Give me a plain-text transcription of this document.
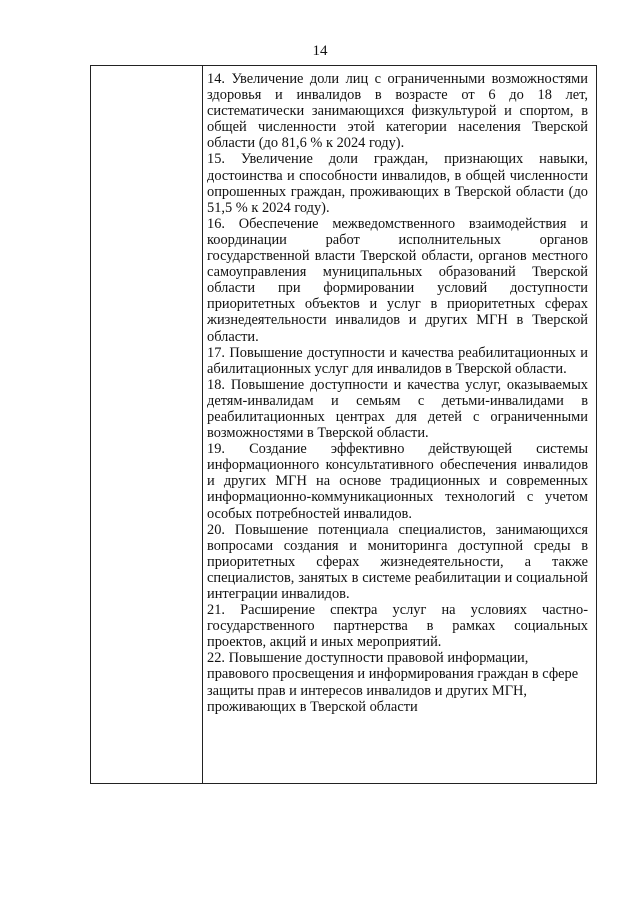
14

14. Увеличение доли лиц с ограниченными возможностями здоровья и инвалидов в возрасте от 6 до 18 лет, систематически занимающихся физкультурой и спортом, в общей численности этой категории населения Тверской области (до 81,6 % к 2024 году).

15. Увеличение доли граждан, признающих навыки, достоинства и способности инвалидов, в общей численности опрошенных граждан, проживающих в Тверской области (до 51,5 % к 2024 году).

16. Обеспечение межведомственного взаимодействия и координации работ исполнительных органов государственной власти Тверской области, органов местного самоуправления муниципальных образований Тверской области при формировании условий доступности приоритетных объектов и услуг в приоритетных сферах жизнедеятельности инвалидов и других МГН в Тверской области.

17. Повышение доступности и качества реабилитационных и абилитационных услуг для инвалидов в Тверской области.

18. Повышение доступности и качества услуг, оказываемых детям-инвалидам и семьям с детьми-инвалидами в реабилитационных центрах для детей с ограниченными возможностями в Тверской области.

19. Создание эффективно действующей системы информационного консультативного обеспечения инвалидов и других МГН на основе традиционных и современных информационно-коммуникационных технологий с учетом особых потребностей инвалидов.

20. Повышение потенциала специалистов, занимающихся вопросами создания и мониторинга доступной среды в приоритетных сферах жизнедеятельности, а также специалистов, занятых в системе реабилитации и социальной интеграции инвалидов.

21. Расширение спектра услуг на условиях частно-государственного партнерства в рамках социальных проектов, акций и иных мероприятий.

22. Повышение доступности правовой информации, правового просвещения и информирования граждан в сфере защиты прав и интересов инвалидов и других МГН, проживающих в Тверской области
